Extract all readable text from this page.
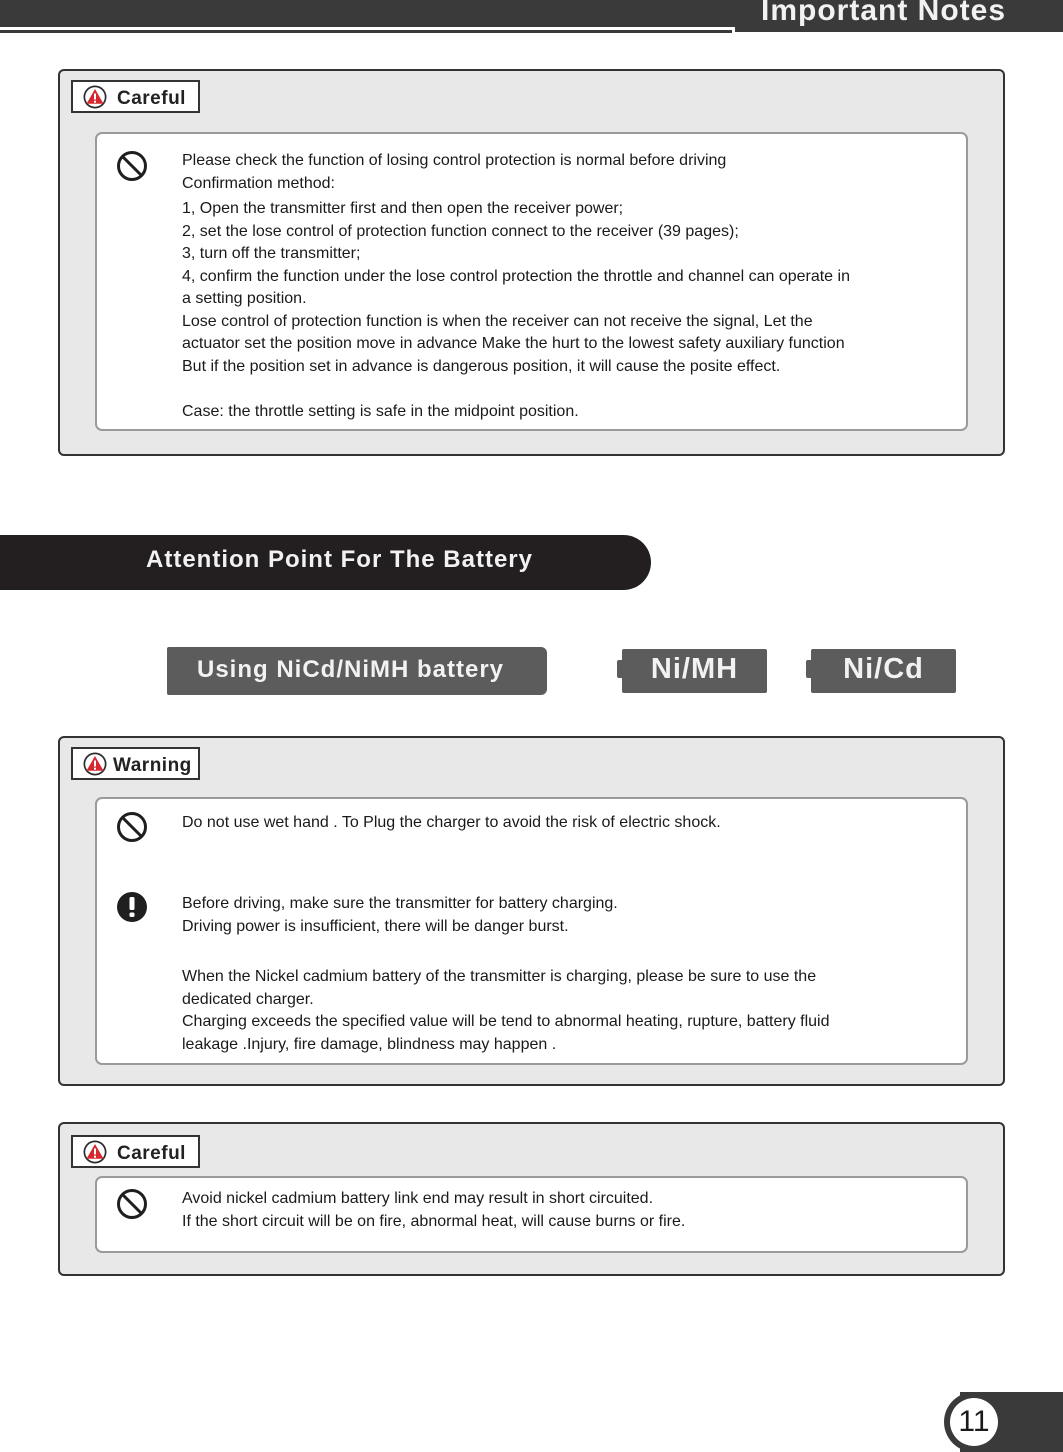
Important Notes
Careful
Please check the function of losing control protection is normal before driving
Confirmation method:
1, Open the transmitter first and then open the receiver power;
2, set the lose control of protection function connect to the receiver (39 pages);
3, turn off the transmitter;
4, confirm the function under the lose control protection the throttle and channel can operate in
a setting position.
Lose control of protection function is when the receiver can not receive the signal, Let the
actuator set the position move in advance Make the hurt to the lowest safety auxiliary function
But if the position set in advance is dangerous position, it will cause the posite effect.
Case: the throttle setting is safe in the midpoint position.
Attention Point For The Battery
Using NiCd/NiMH battery	Ni/MH	Ni/Cd
Warning
Do not use wet hand . To Plug the charger to avoid the risk of electric shock.
Before driving, make sure the transmitter for battery charging.
Driving power is insufficient, there will be danger burst.
When the Nickel cadmium battery of the transmitter is charging, please be sure to use the
dedicated charger.
Charging exceeds the specified value will be tend to abnormal heating, rupture, battery fluid
leakage .Injury, fire damage, blindness may happen .
Careful
Avoid nickel cadmium battery link end may result in short circuited.
If the short circuit will be on fire, abnormal heat, will cause burns or fire.
11
